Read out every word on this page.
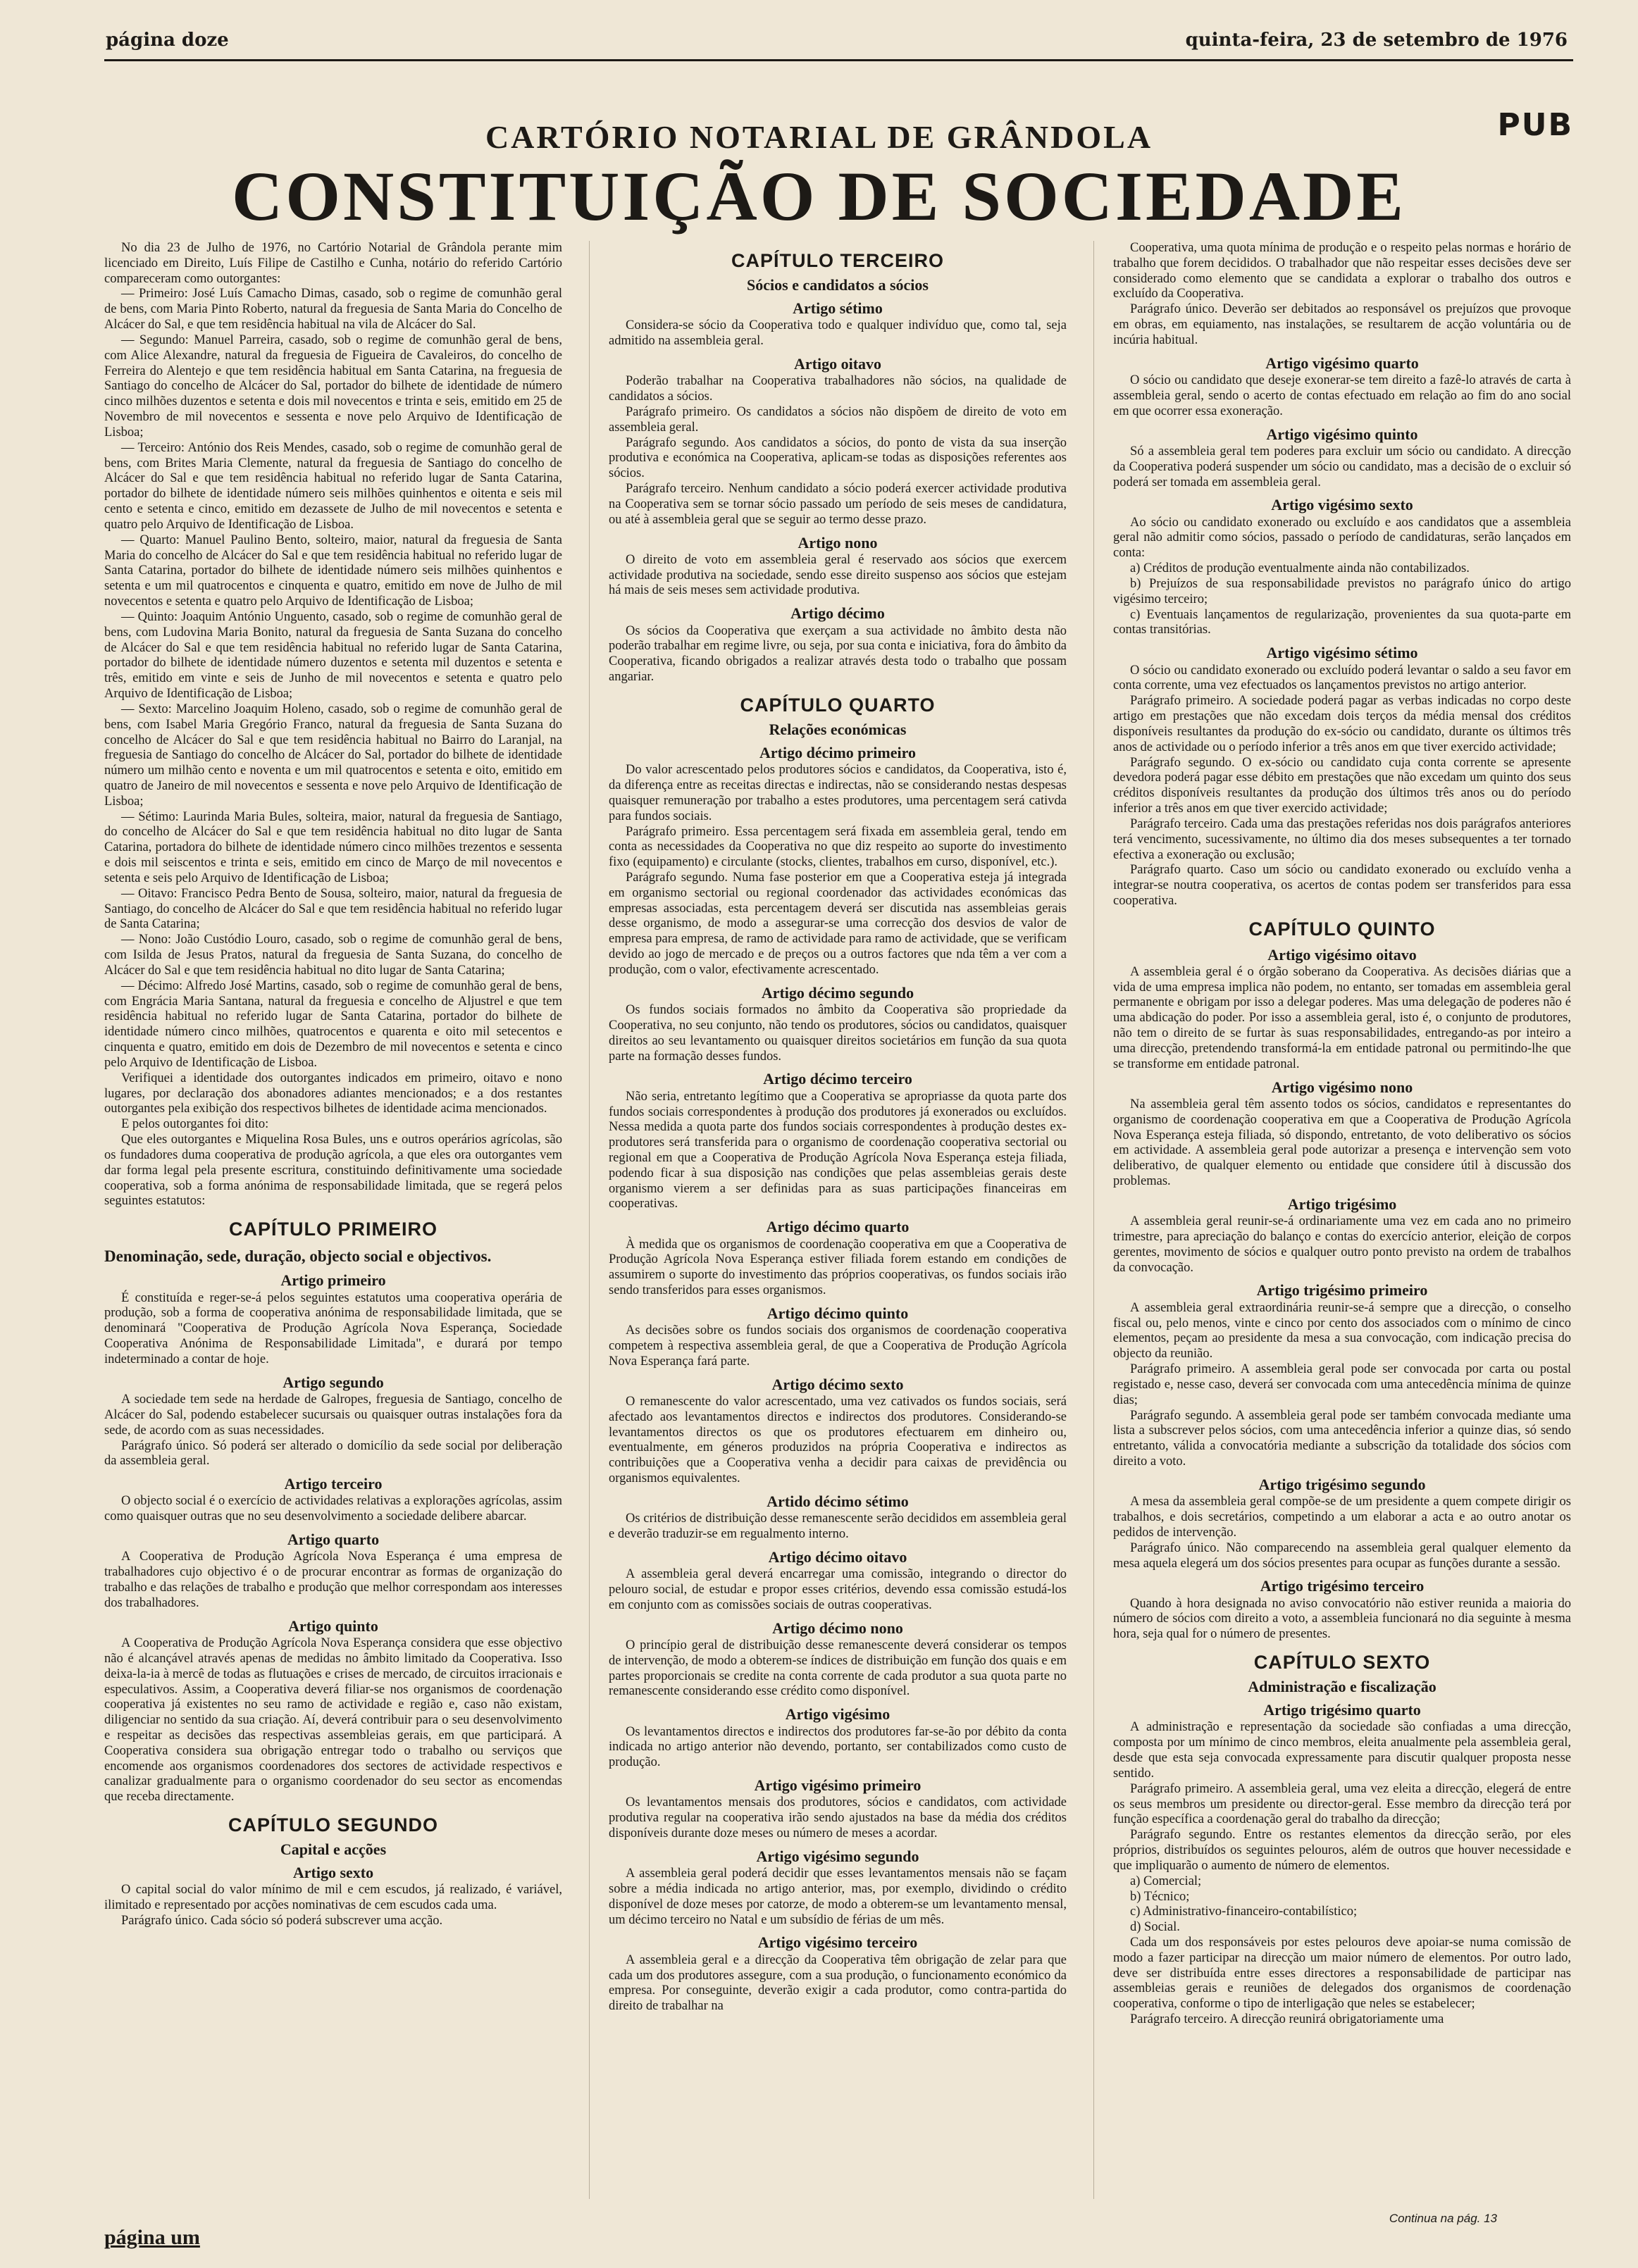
página doze	quinta-feira, 23 de setembro de 1976
PUB
CARTÓRIO NOTARIAL DE GRÂNDOLA
CONSTITUIÇÃO DE SOCIEDADE

No dia 23 de Julho de 1976, no Cartório Notarial de Grândola perante mim licenciado em Direito, Luís Filipe de Castilho e Cunha, notário do referido Cartório compareceram como outorgantes:

— Primeiro: José Luís Camacho Dimas, casado, sob o regime de comunhão geral de bens, com Maria Pinto Roberto, natural da freguesia de Santa Maria do Concelho de Alcácer do Sal, e que tem residência habitual na vila de Alcácer do Sal.

— Segundo: Manuel Parreira, casado, sob o regime de comunhão geral de bens, com Alice Alexandre, natural da freguesia de Figueira de Cavaleiros, do concelho de Ferreira do Alentejo e que tem residência habitual em Santa Catarina, na freguesia de Santiago do concelho de Alcácer do Sal, portador do bilhete de identidade de número cinco milhões duzentos e setenta e dois mil novecentos e trinta e seis, emitido em 25 de Novembro de mil novecentos e sessenta e nove pelo Arquivo de Identificação de Lisboa;

— Terceiro: António dos Reis Mendes, casado, sob o regime de comunhão geral de bens, com Brites Maria Clemente, natural da freguesia de Santiago do concelho de Alcácer do Sal e que tem residência habitual no referido lugar de Santa Catarina, portador do bilhete de identidade número seis milhões quinhentos e oitenta e seis mil cento e setenta e cinco, emitido em dezassete de Julho de mil novecentos e setenta e quatro pelo Arquivo de Identificação de Lisboa.

— Quarto: Manuel Paulino Bento, solteiro, maior, natural da freguesia de Santa Maria do concelho de Alcácer do Sal e que tem residência habitual no referido lugar de Santa Catarina, portador do bilhete de identidade número seis milhões quinhentos e setenta e um mil quatrocentos e cinquenta e quatro, emitido em nove de Julho de mil novecentos e setenta e quatro pelo Arquivo de Identificação de Lisboa;

— Quinto: Joaquim António Unguento, casado, sob o regime de comunhão geral de bens, com Ludovina Maria Bonito, natural da freguesia de Santa Suzana do concelho de Alcácer do Sal e que tem residência habitual no referido lugar de Santa Catarina, portador do bilhete de identidade número duzentos e setenta mil duzentos e setenta e três, emitido em vinte e seis de Junho de mil novecentos e setenta e quatro pelo Arquivo de Identificação de Lisboa;

— Sexto: Marcelino Joaquim Holeno, casado, sob o regime de comunhão geral de bens, com Isabel Maria Gregório Franco, natural da freguesia de Santa Suzana do concelho de Alcácer do Sal e que tem residência habitual no Bairro do Laranjal, na freguesia de Santiago do concelho de Alcácer do Sal, portador do bilhete de identidade número um milhão cento e noventa e um mil quatrocentos e setenta e oito, emitido em quatro de Janeiro de mil novecentos e sessenta e nove pelo Arquivo de Identificação de Lisboa;

— Sétimo: Laurinda Maria Bules, solteira, maior, natural da freguesia de Santiago, do concelho de Alcácer do Sal e que tem residência habitual no dito lugar de Santa Catarina, portadora do bilhete de identidade número cinco milhões trezentos e sessenta e dois mil seiscentos e trinta e seis, emitido em cinco de Março de mil novecentos e setenta e seis pelo Arquivo de Identificação de Lisboa;

— Oitavo: Francisco Pedra Bento de Sousa, solteiro, maior, natural da freguesia de Santiago, do concelho de Alcácer do Sal e que tem residência habitual no referido lugar de Santa Catarina;

— Nono: João Custódio Louro, casado, sob o regime de comunhão geral de bens, com Isilda de Jesus Pratos, natural da freguesia de Santa Suzana, do concelho de Alcácer do Sal e que tem residência habitual no dito lugar de Santa Catarina;

— Décimo: Alfredo José Martins, casado, sob o regime de comunhão geral de bens, com Engrácia Maria Santana, natural da freguesia e concelho de Aljustrel e que tem residência habitual no referido lugar de Santa Catarina, portador do bilhete de identidade número cinco milhões, quatrocentos e quarenta e oito mil setecentos e cinquenta e quatro, emitido em dois de Dezembro de mil novecentos e setenta e cinco pelo Arquivo de Identificação de Lisboa.

Verifiquei a identidade dos outorgantes indicados em primeiro, oitavo e nono lugares, por declaração dos abonadores adiantes mencionados; e a dos restantes outorgantes pela exibição dos respectivos bilhetes de identidade acima mencionados.

E pelos outorgantes foi dito:

Que eles outorgantes e Miquelina Rosa Bules, uns e outros operários agrícolas, são os fundadores duma cooperativa de produção agrícola, a que eles ora outorgantes vem dar forma legal pela presente escritura, constituindo definitivamente uma sociedade cooperativa, sob a forma anónima de responsabilidade limitada, que se regerá pelos seguintes estatutos:

CAPÍTULO PRIMEIRO
Denominação, sede, duração, objecto social e objectivos.
Artigo primeiro

É constituída e reger-se-á pelos seguintes estatutos uma cooperativa operária de produção, sob a forma de cooperativa anónima de responsabilidade limitada, que se denominará "Cooperativa de Produção Agrícola Nova Esperança, Sociedade Cooperativa Anónima de Responsabilidade Limitada", e durará por tempo indeterminado a contar de hoje.

Artigo segundo

A sociedade tem sede na herdade de Galropes, freguesia de Santiago, concelho de Alcácer do Sal, podendo estabelecer sucursais ou quaisquer outras instalações fora da sede, de acordo com as suas necessidades.

Parágrafo único. Só poderá ser alterado o domicílio da sede social por deliberação da assembleia geral.

Artigo terceiro

O objecto social é o exercício de actividades relativas a explorações agrícolas, assim como quaisquer outras que no seu desenvolvimento a sociedade delibere abarcar.

Artigo quarto

A Cooperativa de Produção Agrícola Nova Esperança é uma empresa de trabalhadores cujo objectivo é o de procurar encontrar as formas de organização do trabalho e das relações de trabalho e produção que melhor correspondam aos interesses dos trabalhadores.

Artigo quinto

A Cooperativa de Produção Agrícola Nova Esperança considera que esse objectivo não é alcançável através apenas de medidas no âmbito limitado da Cooperativa. Isso deixa-la-ia à mercê de todas as flutuações e crises de mercado, de circuitos irracionais e especulativos. Assim, a Cooperativa deverá filiar-se nos organismos de coordenação cooperativa já existentes no seu ramo de actividade e região e, caso não existam, diligenciar no sentido da sua criação. Aí, deverá contribuir para o seu desenvolvimento e respeitar as decisões das respectivas assembleias gerais, em que participará. A Cooperativa considera sua obrigação entregar todo o trabalho ou serviços que encomende aos organismos coordenadores dos sectores de actividade respectivos e canalizar gradualmente para o organismo coordenador do seu sector as encomendas que receba directamente.

CAPÍTULO SEGUNDO
Capital e acções
Artigo sexto

O capital social do valor mínimo de mil e cem escudos, já realizado, é variável, ilimitado e representado por acções nominativas de cem escudos cada uma.

Parágrafo único. Cada sócio só poderá subscrever uma acção.

CAPÍTULO TERCEIRO
Sócios e candidatos a sócios
Artigo sétimo

Considera-se sócio da Cooperativa todo e qualquer indivíduo que, como tal, seja admitido na assembleia geral.

Artigo oitavo

Poderão trabalhar na Cooperativa trabalhadores não sócios, na qualidade de candidatos a sócios.

Parágrafo primeiro. Os candidatos a sócios não dispõem de direito de voto em assembleia geral.

Parágrafo segundo. Aos candidatos a sócios, do ponto de vista da sua inserção produtiva e económica na Cooperativa, aplicam-se todas as disposições referentes aos sócios.

Parágrafo terceiro. Nenhum candidato a sócio poderá exercer actividade produtiva na Cooperativa sem se tornar sócio passado um período de seis meses de candidatura, ou até à assembleia geral que se seguir ao termo desse prazo.

Artigo nono

O direito de voto em assembleia geral é reservado aos sócios que exercem actividade produtiva na sociedade, sendo esse direito suspenso aos sócios que estejam há mais de seis meses sem actividade produtiva.

Artigo décimo

Os sócios da Cooperativa que exerçam a sua actividade no âmbito desta não poderão trabalhar em regime livre, ou seja, por sua conta e iniciativa, fora do âmbito da Cooperativa, ficando obrigados a realizar através desta todo o trabalho que possam angariar.

CAPÍTULO QUARTO
Relações económicas
Artigo décimo primeiro

Do valor acrescentado pelos produtores sócios e candidatos, da Cooperativa, isto é, da diferença entre as receitas directas e indirectas, não se considerando nestas despesas quaisquer remuneração por trabalho a estes produtores, uma percentagem será cativda para fundos sociais.

Parágrafo primeiro. Essa percentagem será fixada em assembleia geral, tendo em conta as necessidades da Cooperativa no que diz respeito ao suporte do investimento fixo (equipamento) e circulante (stocks, clientes, trabalhos em curso, disponível, etc.).

Parágrafo segundo. Numa fase posterior em que a Cooperativa esteja já integrada em organismo sectorial ou regional coordenador das actividades económicas das empresas associadas, esta percentagem deverá ser discutida nas assembleias gerais desse organismo, de modo a assegurar-se uma correcção dos desvios de valor de empresa para empresa, de ramo de actividade para ramo de actividade, que se verificam devido ao jogo de mercado e de preços ou a outros factores que nda têm a ver com a produção, com o valor, efectivamente acrescentado.

Artigo décimo segundo

Os fundos sociais formados no âmbito da Cooperativa são propriedade da Cooperativa, no seu conjunto, não tendo os produtores, sócios ou candidatos, quaisquer direitos ao seu levantamento ou quaisquer direitos societários em função da sua quota parte na formação desses fundos.

Artigo décimo terceiro

Não seria, entretanto legítimo que a Cooperativa se apropriasse da quota parte dos fundos sociais correspondentes à produção dos produtores já exonerados ou excluídos. Nessa medida a quota parte dos fundos sociais correspondentes à produção destes ex-produtores será transferida para o organismo de coordenação cooperativa sectorial ou regional em que a Cooperativa de Produção Agrícola Nova Esperança esteja filiada, podendo ficar à sua disposição nas condições que pelas assembleias gerais deste organismo vierem a ser definidas para as suas participações financeiras em cooperativas.

Artigo décimo quarto

À medida que os organismos de coordenação cooperativa em que a Cooperativa de Produção Agrícola Nova Esperança estiver filiada forem estando em condições de assumirem o suporte do investimento das próprios cooperativas, os fundos sociais irão sendo transferidos para esses organismos.

Artigo décimo quinto

As decisões sobre os fundos sociais dos organismos de coordenação cooperativa competem à respectiva assembleia geral, de que a Cooperativa de Produção Agrícola Nova Esperança fará parte.

Artigo décimo sexto

O remanescente do valor acrescentado, uma vez cativados os fundos sociais, será afectado aos levantamentos directos e indirectos dos produtores. Considerando-se levantamentos directos os que os produtores efectuarem em dinheiro ou, eventualmente, em géneros produzidos na própria Cooperativa e indirectos as contribuições que a Cooperativa venha a decidir para caixas de previdência ou organismos equivalentes.

Artido décimo sétimo

Os critérios de distribuição desse remanescente serão decididos em assembleia geral e deverão traduzir-se em regualmento interno.

Artigo décimo oitavo

A assembleia geral deverá encarregar uma comissão, integrando o director do pelouro social, de estudar e propor esses critérios, devendo essa comissão estudá-los em conjunto com as comissões sociais de outras cooperativas.

Artigo décimo nono

O princípio geral de distribuição desse remanescente deverá considerar os tempos de intervenção, de modo a obterem-se índices de distribuição em função dos quais e em partes proporcionais se credite na conta corrente de cada produtor a sua quota parte no remanescente considerando esse crédito como disponível.

Artigo vigésimo

Os levantamentos directos e indirectos dos produtores far-se-ão por débito da conta indicada no artigo anterior não devendo, portanto, ser contabilizados como custo de produção.

Artigo vigésimo primeiro

Os levantamentos mensais dos produtores, sócios e candidatos, com actividade produtiva regular na cooperativa irão sendo ajustados na base da média dos créditos disponíveis durante doze meses ou número de meses a acordar.

Artigo vigésimo segundo

A assembleia geral poderá decidir que esses levantamentos mensais não se façam sobre a média indicada no artigo anterior, mas, por exemplo, dividindo o crédito disponível de doze meses por catorze, de modo a obterem-se um levantamento mensal, um décimo terceiro no Natal e um subsídio de férias de um mês.

Artigo vigésimo terceiro

A assembleia geral e a direcção da Cooperativa têm obrigação de zelar para que cada um dos produtores assegure, com a sua produção, o funcionamento económico da empresa. Por conseguinte, deverão exigir a cada produtor, como contra-partida do direito de trabalhar na

Cooperativa, uma quota mínima de produção e o respeito pelas normas e horário de trabalho que forem decididos. O trabalhador que não respeitar esses decisões deve ser considerado como elemento que se candidata a explorar o trabalho dos outros e excluído da Cooperativa.

Parágrafo único. Deverão ser debitados ao responsável os prejuízos que provoque em obras, em equiamento, nas instalações, se resultarem de acção voluntária ou de incúria habitual.

Artigo vigésimo quarto

O sócio ou candidato que deseje exonerar-se tem direito a fazê-lo através de carta à assembleia geral, sendo o acerto de contas efectuado em relação ao fim do ano social em que ocorrer essa exoneração.

Artigo vigésimo quinto

Só a assembleia geral tem poderes para excluir um sócio ou candidato. A direcção da Cooperativa poderá suspender um sócio ou candidato, mas a decisão de o excluir só poderá ser tomada em assembleia geral.

Artigo vigésimo sexto

Ao sócio ou candidato exonerado ou excluído e aos candidatos que a assembleia geral não admitir como sócios, passado o período de candidaturas, serão lançados em conta:

a) Créditos de produção eventualmente ainda não contabilizados.

b) Prejuízos de sua responsabilidade previstos no parágrafo único do artigo vigésimo terceiro;

c) Eventuais lançamentos de regularização, provenientes da sua quota-parte em contas transitórias.

Artigo vigésimo sétimo

O sócio ou candidato exonerado ou excluído poderá levantar o saldo a seu favor em conta corrente, uma vez efectuados os lançamentos previstos no artigo anterior.

Parágrafo primeiro. A sociedade poderá pagar as verbas indicadas no corpo deste artigo em prestações que não excedam dois terços da média mensal dos créditos disponíveis resultantes da produção do ex-sócio ou candidato, durante os últimos três anos de actividade ou o período inferior a três anos em que tiver exercido actividade;

Parágrafo segundo. O ex-sócio ou candidato cuja conta corrente se apresente devedora poderá pagar esse débito em prestações que não excedam um quinto dos seus créditos disponíveis resultantes da produção dos últimos três anos ou do período inferior a três anos em que tiver exercido actividade;

Parágrafo terceiro. Cada uma das prestações referidas nos dois parágrafos anteriores terá vencimento, sucessivamente, no último dia dos meses subsequentes a ter tornado efectiva a exoneração ou exclusão;

Parágrafo quarto. Caso um sócio ou candidato exonerado ou excluído venha a integrar-se noutra cooperativa, os acertos de contas podem ser transferidos para essa cooperativa.

CAPÍTULO QUINTO
Artigo vigésimo oitavo

A assembleia geral é o órgão soberano da Cooperativa. As decisões diárias que a vida de uma empresa implica não podem, no entanto, ser tomadas em assembleia geral permanente e obrigam por isso a delegar poderes. Mas uma delegação de poderes não é uma abdicação do poder. Por isso a assembleia geral, isto é, o conjunto de produtores, não tem o direito de se furtar às suas responsabilidades, entregando-as por inteiro a uma direcção, pretendendo transformá-la em entidade patronal ou permitindo-lhe que se transforme em entidade patronal.

Artigo vigésimo nono

Na assembleia geral têm assento todos os sócios, candidatos e representantes do organismo de coordenação cooperativa em que a Cooperativa de Produção Agrícola Nova Esperança esteja filiada, só dispondo, entretanto, de voto deliberativo os sócios em actividade. A assembleia geral pode autorizar a presença e intervenção sem voto deliberativo, de qualquer elemento ou entidade que considere útil à discussão dos problemas.

Artigo trigésimo

A assembleia geral reunir-se-á ordinariamente uma vez em cada ano no primeiro trimestre, para apreciação do balanço e contas do exercício anterior, eleição de corpos gerentes, movimento de sócios e qualquer outro ponto previsto na ordem de trabalhos da convocação.

Artigo trigésimo primeiro

A assembleia geral extraordinária reunir-se-á sempre que a direcção, o conselho fiscal ou, pelo menos, vinte e cinco por cento dos associados com o mínimo de cinco elementos, peçam ao presidente da mesa a sua convocação, com indicação precisa do objecto da reunião.

Parágrafo primeiro. A assembleia geral pode ser convocada por carta ou postal registado e, nesse caso, deverá ser convocada com uma antecedência mínima de quinze dias;

Parágrafo segundo. A assembleia geral pode ser também convocada mediante uma lista a subscrever pelos sócios, com uma antecedência inferior a quinze dias, só sendo entretanto, válida a convocatória mediante a subscrição da totalidade dos sócios com direito a voto.

Artigo trigésimo segundo

A mesa da assembleia geral compõe-se de um presidente a quem compete dirigir os trabalhos, e dois secretários, competindo a um elaborar a acta e ao outro anotar os pedidos de intervenção.

Parágrafo único. Não comparecendo na assembleia geral qualquer elemento da mesa aquela elegerá um dos sócios presentes para ocupar as funções durante a sessão.

Artigo trigésimo terceiro

Quando à hora designada no aviso convocatório não estiver reunida a maioria do número de sócios com direito a voto, a assembleia funcionará no dia seguinte à mesma hora, seja qual for o número de presentes.

CAPÍTULO SEXTO
Administração e fiscalização
Artigo trigésimo quarto

A administração e representação da sociedade são confiadas a uma direcção, composta por um mínimo de cinco membros, eleita anualmente pela assembleia geral, desde que esta seja convocada expressamente para discutir qualquer proposta nesse sentido.

Parágrafo primeiro. A assembleia geral, uma vez eleita a direcção, elegerá de entre os seus membros um presidente ou director-geral. Esse membro da direcção terá por função específica a coordenação geral do trabalho da direcção;

Parágrafo segundo. Entre os restantes elementos da direcção serão, por eles próprios, distribuídos os seguintes pelouros, além de outros que houver necessidade e que impliquarão o aumento de número de elementos.

a) Comercial;

b) Técnico;

c) Administrativo-financeiro-contabilístico;

d) Social.

Cada um dos responsáveis por estes pelouros deve apoiar-se numa comissão de modo a fazer participar na direcção um maior número de elementos. Por outro lado, deve ser distribuída entre esses directores a responsabilidade de participar nas assembleias gerais e reuniões de delegados dos organismos de coordenação cooperativa, conforme o tipo de interligação que neles se estabelecer;

Parágrafo terceiro. A direcção reunirá obrigatoriamente uma

página um
Continua na pág. 13
